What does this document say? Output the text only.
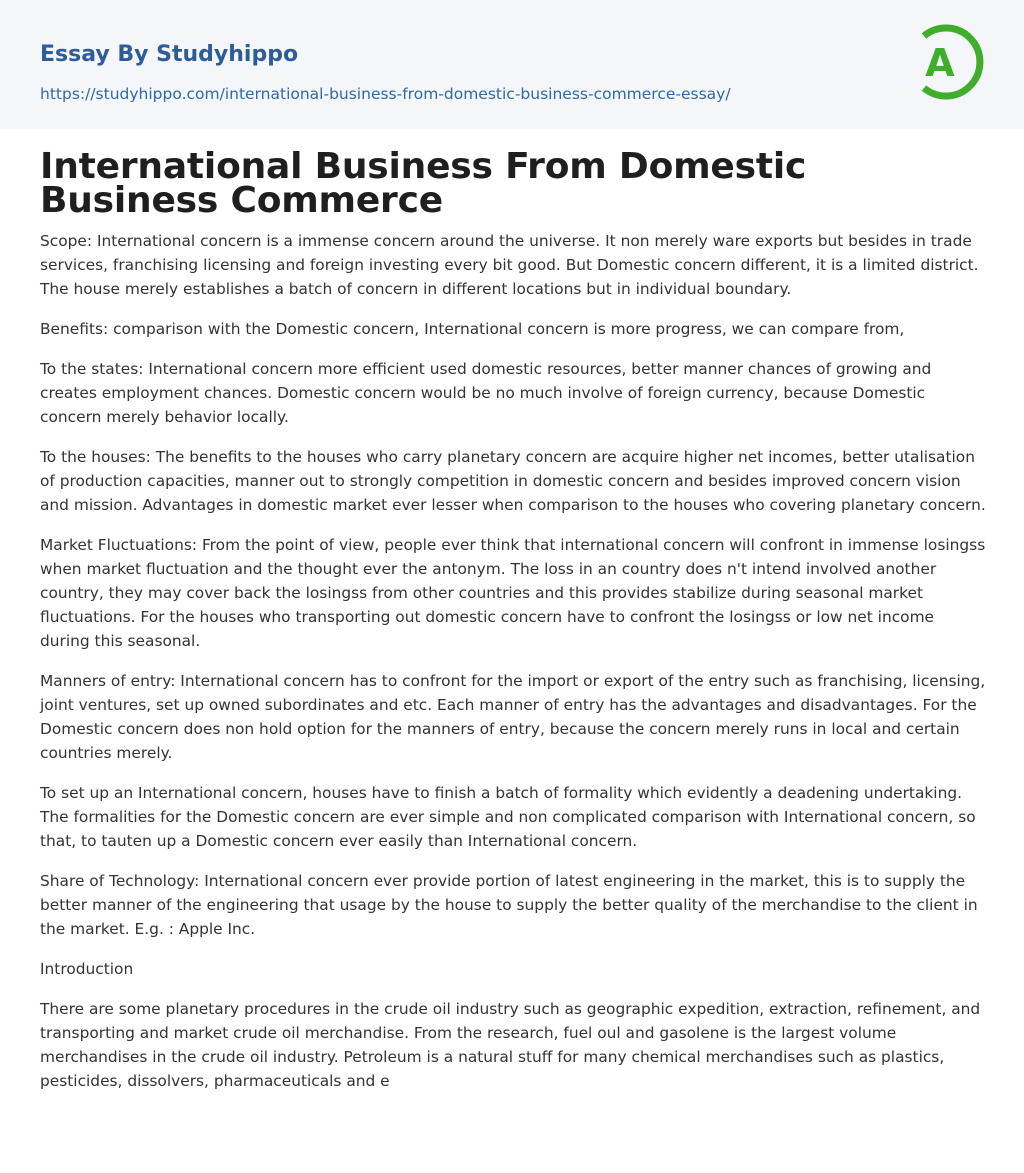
Essay By Studyhippo
https://studyhippo.com/international-business-from-domestic-business-commerce-essay/
A
International Business From Domestic Business Commerce

Scope: International concern is a immense concern around the universe. It non merely ware exports but besides in trade services, franchising licensing and foreign investing every bit good. But Domestic concern different, it is a limited district. The house merely establishes a batch of concern in different locations but in individual boundary.

Benefits: comparison with the Domestic concern, International concern is more progress, we can compare from,

To the states: International concern more efficient used domestic resources, better manner chances of growing and creates employment chances. Domestic concern would be no much involve of foreign currency, because Domestic concern merely behavior locally.

To the houses: The benefits to the houses who carry planetary concern are acquire higher net incomes, better utalisation of production capacities, manner out to strongly competition in domestic concern and besides improved concern vision and mission. Advantages in domestic market ever lesser when comparison to the houses who covering planetary concern.

Market Fluctuations: From the point of view, people ever think that international concern will confront in immense losingss when market fluctuation and the thought ever the antonym. The loss in an country does n't intend involved another country, they may cover back the losingss from other countries and this provides stabilize during seasonal market fluctuations. For the houses who transporting out domestic concern have to confront the losingss or low net income during this seasonal.

Manners of entry: International concern has to confront for the import or export of the entry such as franchising, licensing, joint ventures, set up owned subordinates and etc. Each manner of entry has the advantages and disadvantages. For the Domestic concern does non hold option for the manners of entry, because the concern merely runs in local and certain countries merely.

To set up an International concern, houses have to finish a batch of formality which evidently a deadening undertaking. The formalities for the Domestic concern are ever simple and non complicated comparison with International concern, so that, to tauten up a Domestic concern ever easily than International concern.

Share of Technology: International concern ever provide portion of latest engineering in the market, this is to supply the better manner of the engineering that usage by the house to supply the better quality of the merchandise to the client in the market. E.g. : Apple Inc.

Introduction

There are some planetary procedures in the crude oil industry such as geographic expedition, extraction, refinement, and transporting and market crude oil merchandise. From the research, fuel oul and gasolene is the largest volume merchandises in the crude oil industry. Petroleum is a natural stuff for many chemical merchandises such as plastics, pesticides, dissolvers, pharmaceuticals and e
